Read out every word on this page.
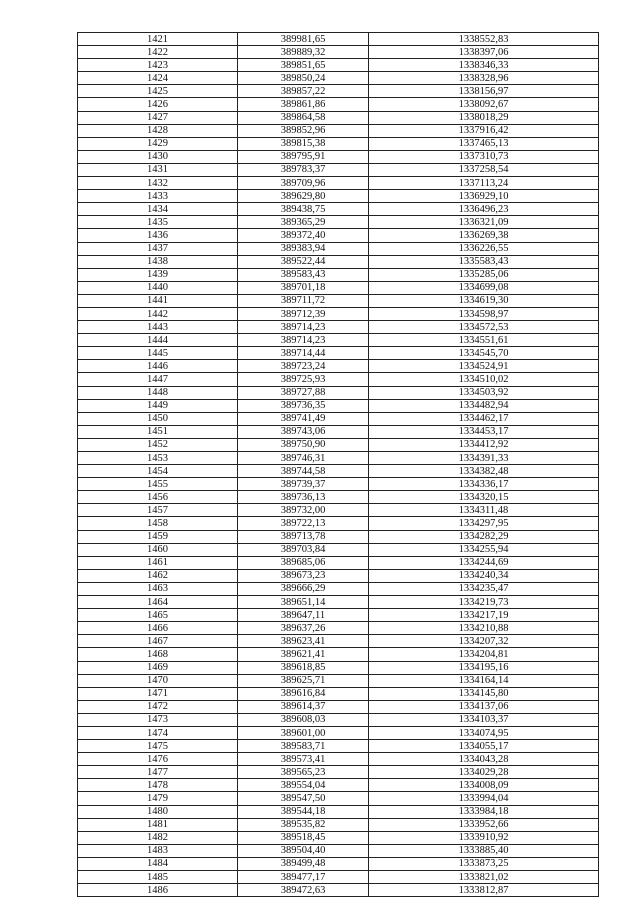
1421	389981,65	1338552,83
1422	389889,32	1338397,06
1423	389851,65	1338346,33
1424	389850,24	1338328,96
1425	389857,22	1338156,97
1426	389861,86	1338092,67
1427	389864,58	1338018,29
1428	389852,96	1337916,42
1429	389815,38	1337465,13
1430	389795,91	1337310,73
1431	389783,37	1337258,54
1432	389709,96	1337113,24
1433	389629,80	1336929,10
1434	389438,75	1336496,23
1435	389365,29	1336321,09
1436	389372,40	1336269,38
1437	389383,94	1336226,55
1438	389522,44	1335583,43
1439	389583,43	1335285,06
1440	389701,18	1334699,08
1441	389711,72	1334619,30
1442	389712,39	1334598,97
1443	389714,23	1334572,53
1444	389714,23	1334551,61
1445	389714,44	1334545,70
1446	389723,24	1334524,91
1447	389725,93	1334510,02
1448	389727,88	1334503,92
1449	389736,35	1334482,94
1450	389741,49	1334462,17
1451	389743,06	1334453,17
1452	389750,90	1334412,92
1453	389746,31	1334391,33
1454	389744,58	1334382,48
1455	389739,37	1334336,17
1456	389736,13	1334320,15
1457	389732,00	1334311,48
1458	389722,13	1334297,95
1459	389713,78	1334282,29
1460	389703,84	1334255,94
1461	389685,06	1334244,69
1462	389673,23	1334240,34
1463	389666,29	1334235,47
1464	389651,14	1334219,73
1465	389647,11	1334217,19
1466	389637,26	1334210,88
1467	389623,41	1334207,32
1468	389621,41	1334204,81
1469	389618,85	1334195,16
1470	389625,71	1334164,14
1471	389616,84	1334145,80
1472	389614,37	1334137,06
1473	389608,03	1334103,37
1474	389601,00	1334074,95
1475	389583,71	1334055,17
1476	389573,41	1334043,28
1477	389565,23	1334029,28
1478	389554,04	1334008,09
1479	389547,50	1333994,04
1480	389544,18	1333984,18
1481	389535,82	1333952,66
1482	389518,45	1333910,92
1483	389504,40	1333885,40
1484	389499,48	1333873,25
1485	389477,17	1333821,02
1486	389472,63	1333812,87
